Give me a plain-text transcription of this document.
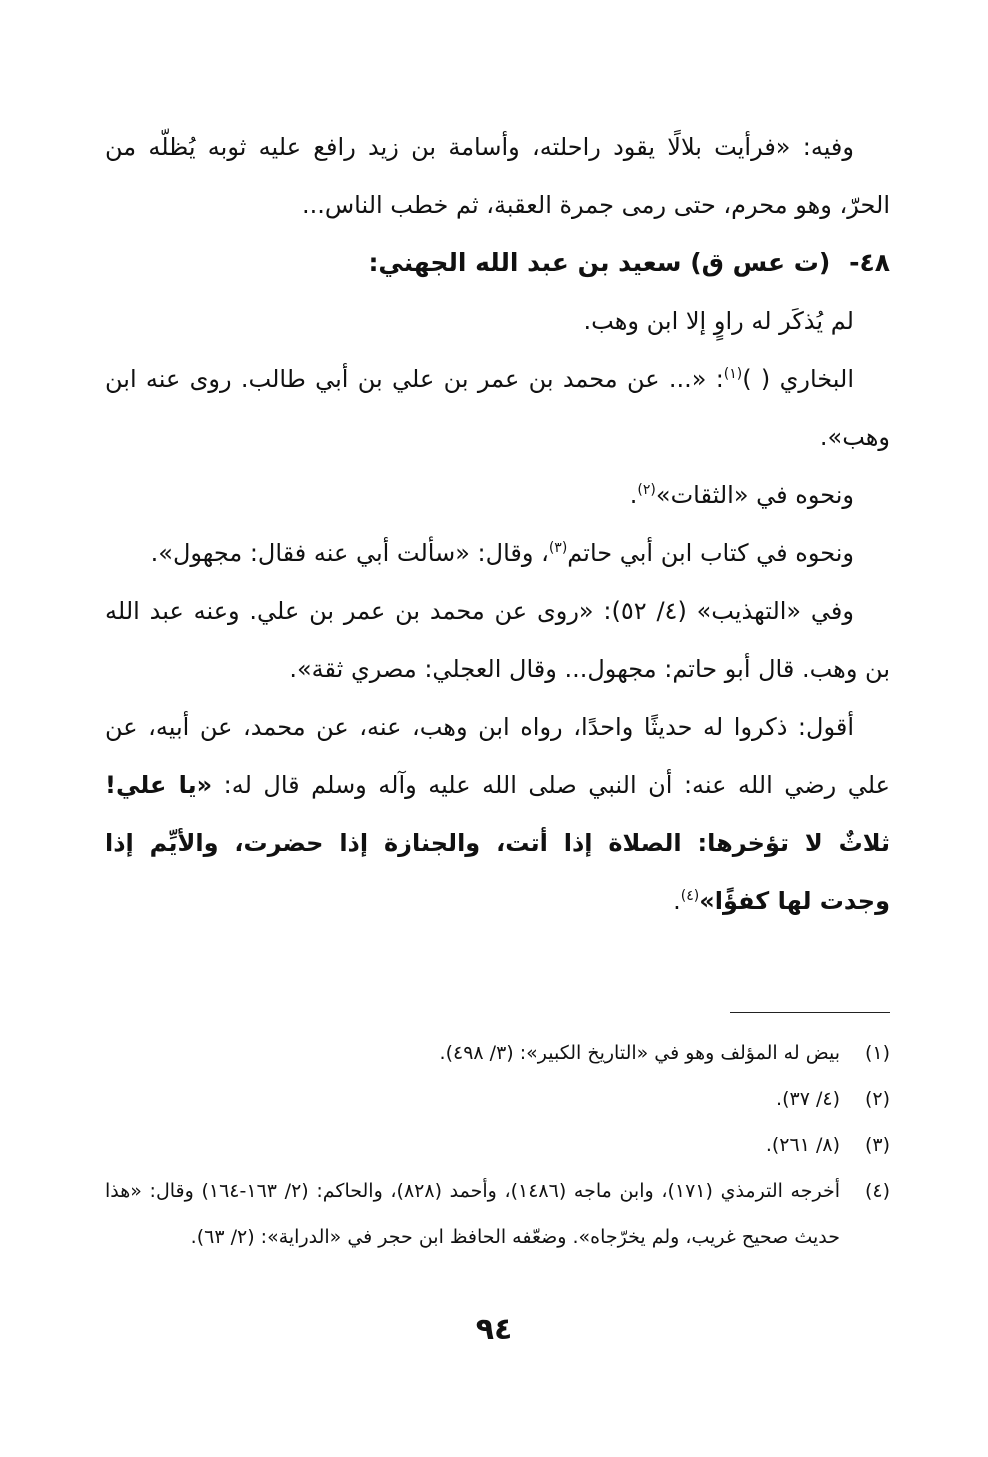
وفيه: «فرأيت بلالًا يقود راحلته، وأسامة بن زيد رافع عليه ثوبه يُظلّه من الحرّ، وهو محرم، حتى رمى جمرة العقبة، ثم خطب الناس...

٤٨- (ت عس ق) سعيد بن عبد الله الجهني:

لم يُذكَر له راوٍ إلا ابن وهب.

البخاري ( )$^{(١)}$: «... عن محمد بن عمر بن علي بن أبي طالب. روى عنه ابن وهب».

ونحوه في «الثقات»$^{(٢)}$.

ونحوه في كتاب ابن أبي حاتم$^{(٣)}$، وقال: «سألت أبي عنه فقال: مجهول».

وفي «التهذيب» (٤/ ٥٢): «روى عن محمد بن عمر بن علي. وعنه عبد الله بن وهب. قال أبو حاتم: مجهول... وقال العجلي: مصري ثقة».

أقول: ذكروا له حديثًا واحدًا، رواه ابن وهب، عنه، عن محمد، عن أبيه، عن علي رضي الله عنه: أن النبي صلى الله عليه وآله وسلم قال له: «يا علي! ثلاثٌ لا تؤخرها: الصلاة إذا أتت، والجنازة إذا حضرت، والأيِّم إذا وجدت لها كفؤًا»$^{(٤)}$.

(١)
بيض له المؤلف وهو في «التاريخ الكبير»: (٣/ ٤٩٨).

(٢)
(٤/ ٣٧).

(٣)
(٨/ ٢٦١).

(٤)
أخرجه الترمذي (١٧١)، وابن ماجه (١٤٨٦)، وأحمد (٨٢٨)، والحاكم: (٢/ ١٦٣-١٦٤) وقال: «هذا حديث صحيح غريب، ولم يخرّجاه». وضعّفه الحافظ ابن حجر في «الدراية»: (٢/ ٦٣).

٩٤
